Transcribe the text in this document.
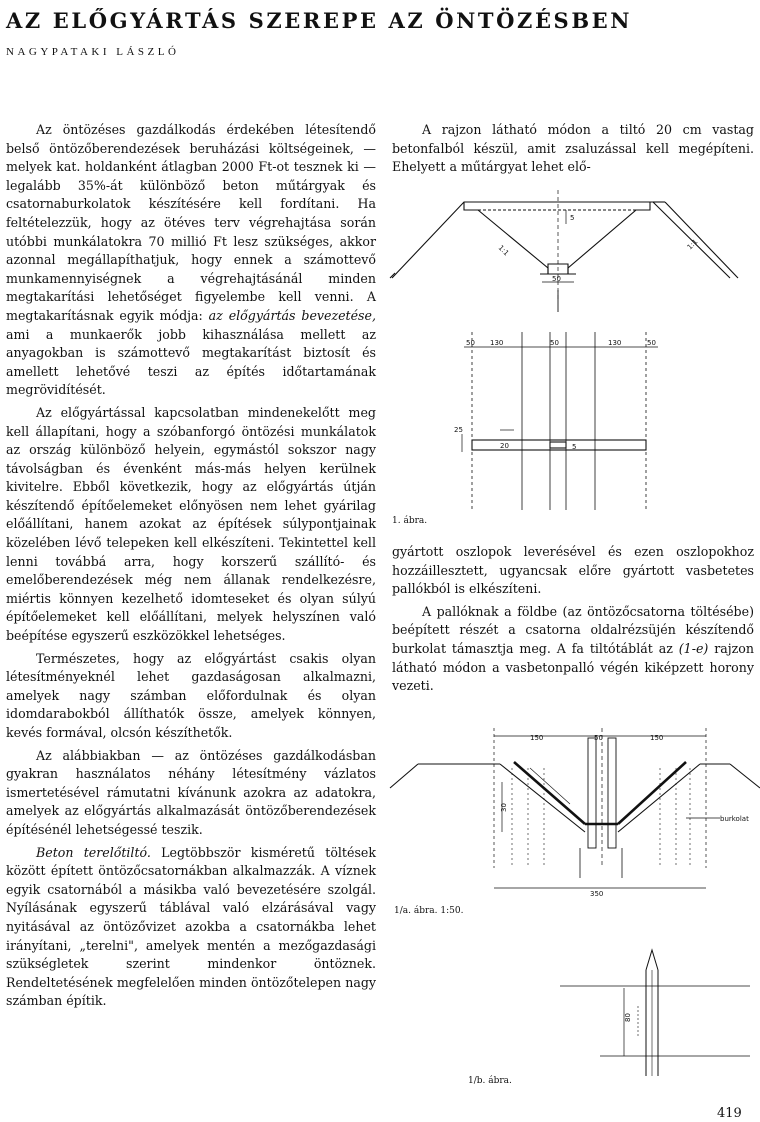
AZ ELŐGYÁRTÁS SZEREPE AZ ÖNTÖZÉSBEN
NAGYPATAKI LÁSZLÓ

Az öntözéses gazdálkodás érdekében létesítendő belső öntözőberendezések beruházási költségeinek, — melyek kat. holdanként átlagban 2000 Ft-ot tesznek ki — legalább 35%-át különböző beton műtárgyak és csatornaburkolatok készítésére kell fordítani. Ha feltételezzük, hogy az ötéves terv végrehajtása során utóbbi munkálatokra 70 millió Ft lesz szükséges, akkor azonnal megállapíthatjuk, hogy ennek a számottevő munkamennyiségnek a végrehajtásánál minden megtakarítási lehetőséget figyelembe kell venni. A megtakarításnak egyik módja: az előgyártás bevezetése, ami a munkaerők jobb kihasználása mellett az anyagokban is számottevő megtakarítást biztosít és amellett lehetővé teszi az építés időtartamának megrövidítését.

Az előgyártással kapcsolatban mindenekelőtt meg kell állapítani, hogy a szóbanforgó öntözési munkálatok az ország különböző helyein, egymástól sokszor nagy távolságban és évenként más-más helyen kerülnek kivitelre. Ebből következik, hogy az előgyártás útján készítendő építőelemeket előnyösen nem lehet gyárilag előállítani, hanem azokat az építések súlypontjainak közelében lévő telepeken kell elkészíteni. Tekintettel kell lenni továbbá arra, hogy korszerű szállító- és emelőberendezések még nem állanak rendelkezésre, miértis könnyen kezelhető idomteseket és olyan súlyú építőelemeket kell előállítani, melyek helyszínen való beépítése egyszerű eszközökkel lehetséges.

Természetes, hogy az előgyártást csakis olyan létesítményeknél lehet gazdaságosan alkalmazni, amelyek nagy számban előfordulnak és olyan idomdarabokból állíthatók össze, amelyek könnyen, kevés formával, olcsón készíthetők.

Az alábbiakban — az öntözéses gazdálkodásban gyakran használatos néhány létesítmény vázlatos ismertetésével rámutatni kívánunk azokra az adatokra, amelyek az előgyártás alkalmazását öntözőberendezések építésénél lehetségessé teszik.

Beton terelőtiltó. Legtöbbször kisméretű töltések között épített öntözőcsatornákban alkalmazzák. A víznek egyik csatornából a másikba való bevezetésére szolgál. Nyílásának egyszerű táblával való elzárásával vagy nyitásával az öntözővizet azokba a csatornákba lehet irányítani, „terelni", amelyek mentén a mezőgazdasági szükségletek szerint mindenkor öntöznek. Rendeltetésének megfelelően minden öntözőtelepen nagy számban építik.

A rajzon látható módon a tiltó 20 cm vastag betonfalból készül, amit zsaluzással kell megépíteni. Ehelyett a műtárgyat lehet elő-

1:1	1:1
5
50
50 130	50	130	50
25
20	5
1. ábra.

gyártott oszlopok leverésével és ezen oszlopokhoz hozzáillesztett, ugyancsak előre gyártott vasbetetes pallókból is elkészíteni.

A pallóknak a földbe (az öntözőcsatorna töltésébe) beépített részét a csatorna oldalrézsüjén készítendő burkolat támasztja meg. A fa tiltótáblát az (1-e) rajzon látható módon a vasbetonpalló végén kiképzett horony vezeti.

150	50	150
30
burkolat
350
1/a. ábra. 1:50.
80
1/b. ábra.
419
